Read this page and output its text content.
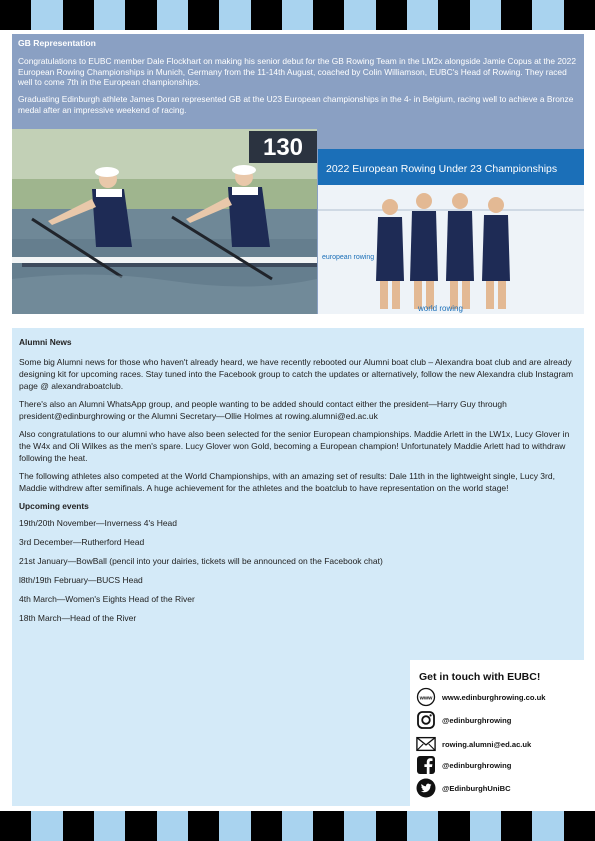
GB Representation

Congratulations to EUBC member Dale Flockhart on making his senior debut for the GB Rowing Team in the LM2x alongside Jamie Copus at the 2022 European Rowing Championships in Munich, Germany from the 11-14th August, coached by Colin Williamson, EUBC's Head of Rowing. They raced well to come 7th in the European championships.

Graduating Edinburgh athlete James Doran represented GB at the U23 European championships in the 4- in Belgium, racing well to achieve a Bronze medal after an impressive weekend of racing.

130
2022 European Rowing Under 23 Championships
european rowing
world rowing
Alumni News

Some big Alumni news for those who haven't already heard, we have recently rebooted our Alumni boat club – Alexandra boat club and are already designing kit for upcoming races. Stay tuned into the Facebook group to catch the updates or alternatively, follow the new Alexandra club Instagram page @ alexandraboatclub.

There's also an Alumni WhatsApp group, and people wanting to be added should contact either the president—Harry Guy through president@edinburghrowing or the Alumni Secretary—Ollie Holmes at rowing.alumni@ed.ac.uk

Also congratulations to our alumni who have also been selected for the senior European championships. Maddie Arlett in the LW1x, Lucy Glover in the W4x and Oli Wilkes as the men's spare. Lucy Glover won Gold, becoming a European champion! Unfortunately Maddie Arlett had to withdraw following the heat.

The following athletes also competed at the World Championships, with an amazing set of results: Dale 11th in the lightweight single, Lucy 3rd, Maddie withdrew after semifinals. A huge achievement for the athletes and the boatclub to have representation on the world stage!

Upcoming events
19th/20th November—Inverness 4's Head
3rd December—Rutherford Head
21st January—BowBall (pencil into your dairies, tickets will be announced on the Facebook chat)
l8th/19th February—BUCS Head
4th March—Women's Eights Head of the River
18th March—Head of the River
Get in touch with EUBC!
www www.edinburghrowing.co.uk
@edinburghrowing
rowing.alumni@ed.ac.uk
@edinburghrowing
@EdinburghUniBC
